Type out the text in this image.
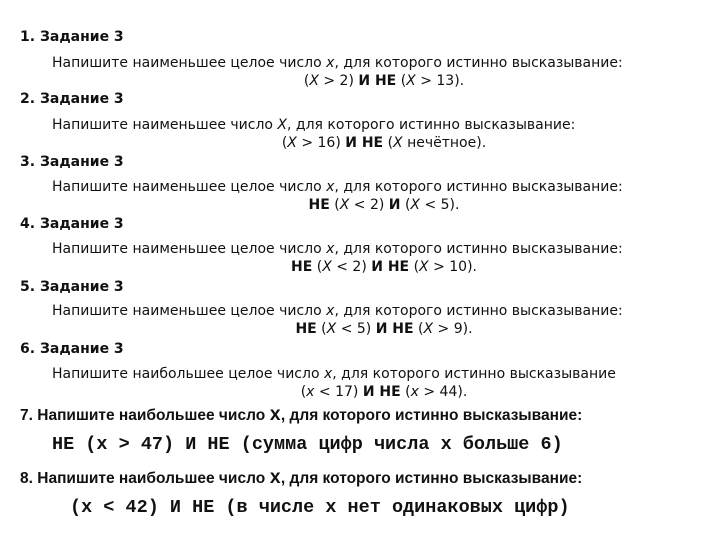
1. Задание 3
Напишите наименьшее целое число x, для которого истинно высказывание:
(X > 2) И НЕ (X > 13).
2. Задание 3
Напишите наименьшее число X, для которого истинно высказывание:
(X > 16) И НЕ (X нечётное).
3. Задание 3
Напишите наименьшее целое число x, для которого истинно высказывание:
НЕ (X < 2) И (X < 5).
4. Задание 3
Напишите наименьшее целое число x, для которого истинно высказывание:
НЕ (X < 2) И НЕ (X > 10).
5. Задание 3
Напишите наименьшее целое число x, для которого истинно высказывание:
НЕ (X < 5) И НЕ (X > 9).
6. Задание 3
Напишите наибольшее целое число x, для которого истинно высказывание
(x < 17) И НЕ (x > 44).
7. Напишите наибольшее число x, для которого истинно высказывание:
НЕ (x > 47) И НЕ (сумма цифр числа x больше 6)
8. Напишите наибольшее число x, для которого истинно высказывание:
(x < 42) И НЕ (в числе x нет одинаковых цифр)
